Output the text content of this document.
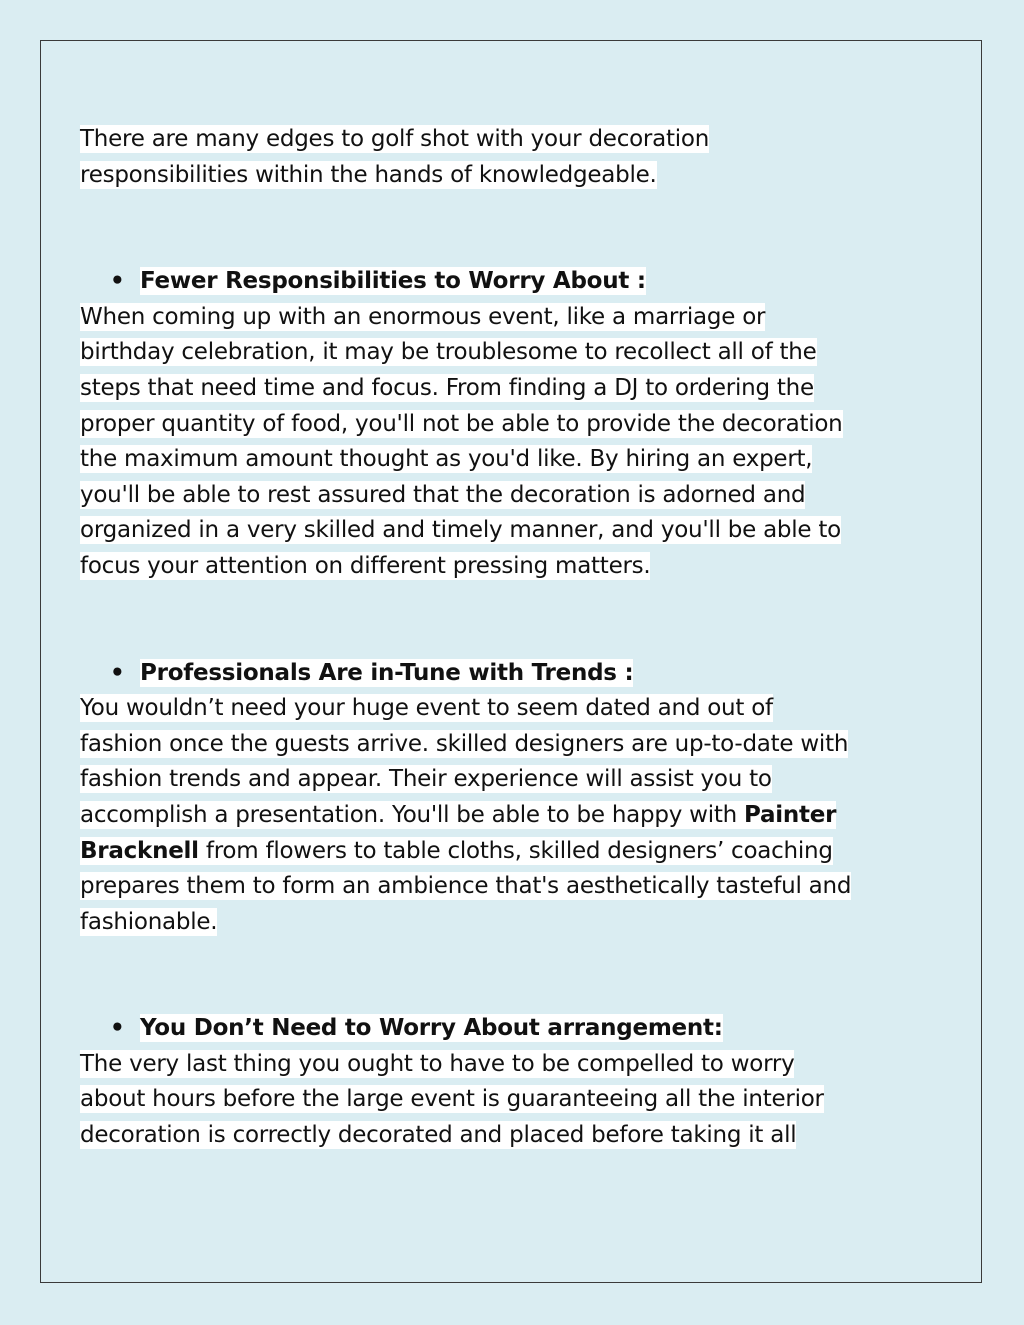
There are many edges to golf shot with your decoration responsibilities within the hands of knowledgeable.

• Fewer Responsibilities to Worry About :

When coming up with an enormous event, like a marriage or birthday celebration, it may be troublesome to recollect all of the steps that need time and focus. From finding a DJ to ordering the proper quantity of food, you'll not be able to provide the decoration the maximum amount thought as you'd like. By hiring an expert, you'll be able to rest assured that the decoration is adorned and organized in a very skilled and timely manner, and you'll be able to focus your attention on different pressing matters.

• Professionals Are in-Tune with Trends :

You wouldn’t need your huge event to seem dated and out of fashion once the guests arrive. skilled designers are up-to-date with fashion trends and appear. Their experience will assist you to accomplish a presentation. You'll be able to be happy with Painter Bracknell from flowers to table cloths, skilled designers’ coaching prepares them to form an ambience that's aesthetically tasteful and fashionable.

• You Don’t Need to Worry About arrangement:

The very last thing you ought to have to be compelled to worry about hours before the large event is guaranteeing all the interior decoration is correctly decorated and placed before taking it all
